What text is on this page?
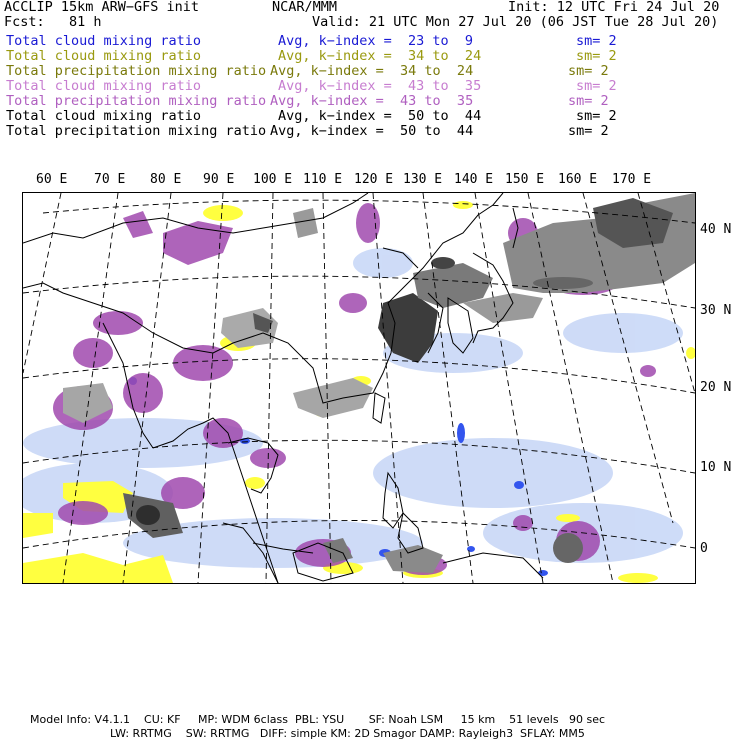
ACCLIP 15km ARW−GFS init	NCAR/MMM	Init: 12 UTC Fri 24 Jul 20
Fcst:   81 h	Valid: 21 UTC Mon 27 Jul 20 (06 JST Tue 28 Jul 20)
Total cloud mixing ratio	Avg, k−index =  23 to  9	sm= 2
Total cloud mixing ratio	Avg, k−index =  34 to  24	sm= 2
Total precipitation mixing ratio Avg, k−index =  34 to  24	sm= 2
Total cloud mixing ratio	Avg, k−index =  43 to  35	sm= 2
Total precipitation mixing ratio Avg, k−index =  43 to  35	sm= 2
Total cloud mixing ratio	Avg, k−index =  50 to  44	sm= 2
Total precipitation mixing ratio Avg, k−index =  50 to  44	sm= 2
60 E 70 E 80 E 90 E 100 E 110 E 120 E 130 E 140 E 150 E 160 E 170 E
40 N
30 N
20 N
10 N
0
Model Info: V4.1.1    CU: KF     MP: WDM 6class  PBL: YSU       SF: Noah LSM     15 km    51 levels   90 sec
LW: RRTMG    SW: RRTMG   DIFF: simple KM: 2D Smagor DAMP: Rayleigh3  SFLAY: MM5
